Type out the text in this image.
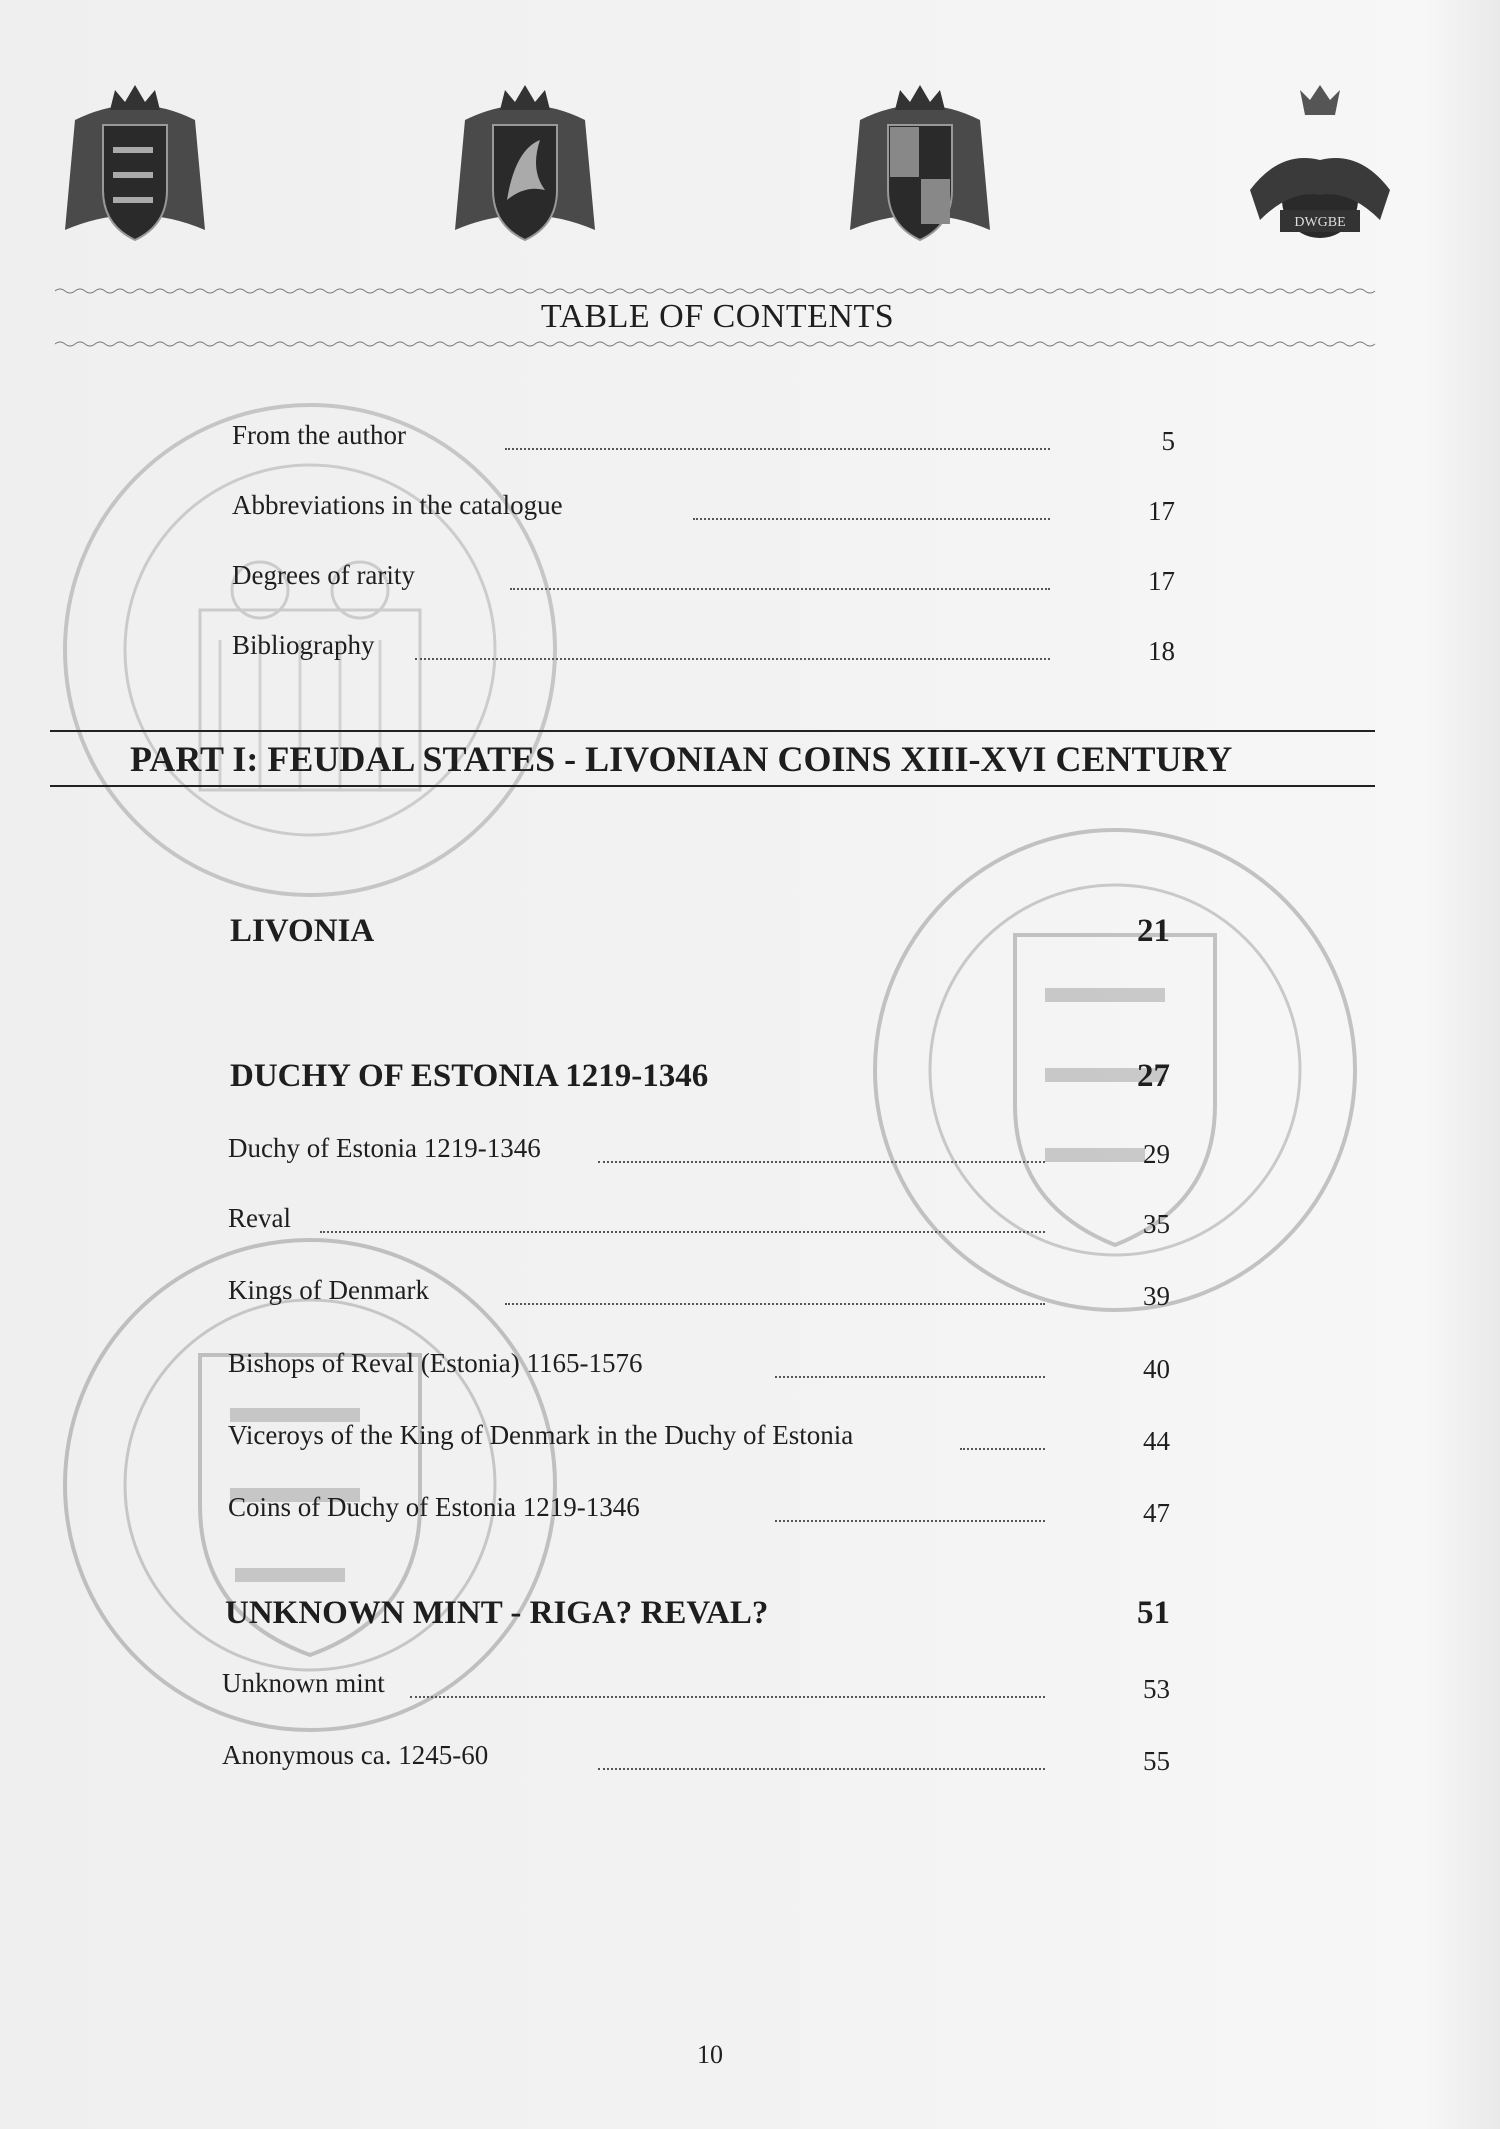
DWGBE
TABLE OF CONTENTS
From the author	5
Abbreviations in the catalogue	17
Degrees of rarity	17
Bibliography	18
PART I: FEUDAL STATES - LIVONIAN COINS XIII-XVI CENTURY
LIVONIA	21
DUCHY OF ESTONIA 1219-1346	27
Duchy of Estonia 1219-1346	29
Reval	35
Kings of Denmark	39
Bishops of Reval (Estonia) 1165-1576	40
Viceroys of the King of Denmark in the Duchy of Estonia	44
Coins of Duchy of Estonia 1219-1346	47
UNKNOWN MINT - RIGA? REVAL?	51
Unknown mint	53
Anonymous ca. 1245-60	55
10
